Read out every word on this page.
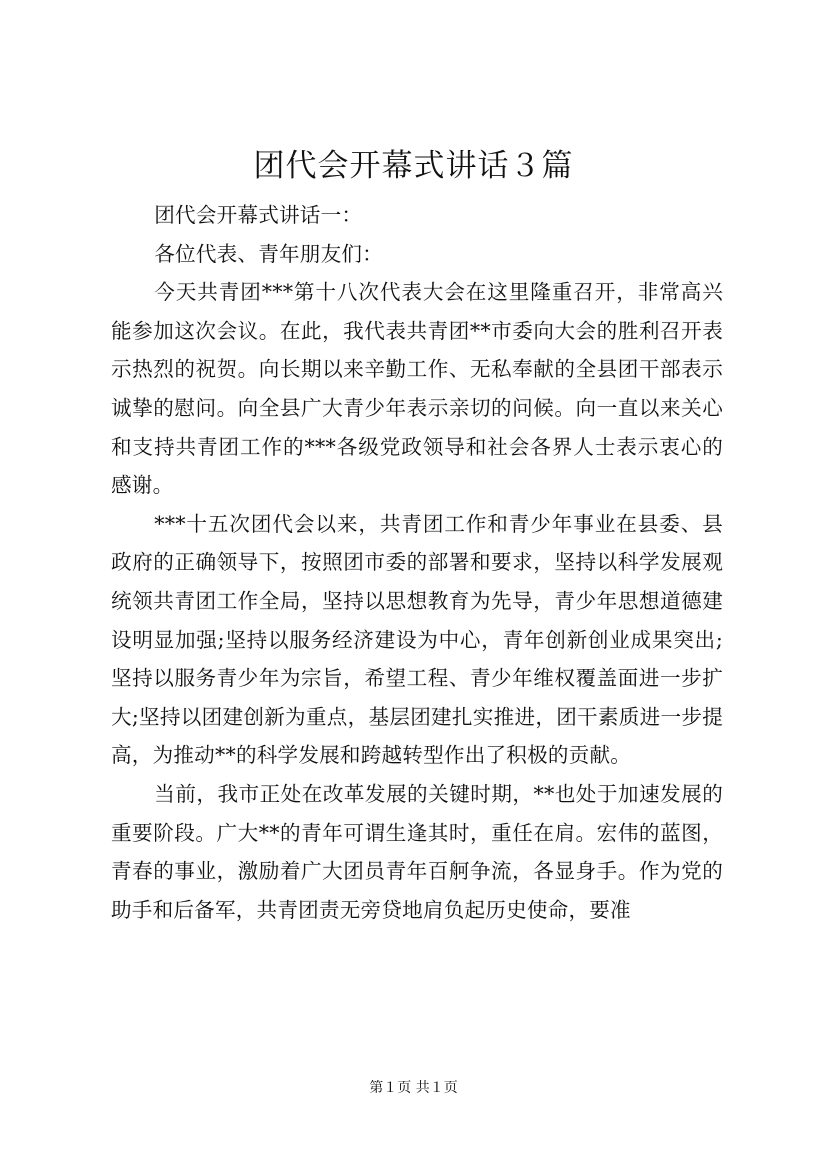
团代会开幕式讲话３篇

团代会开幕式讲话一：

各位代表、青年朋友们：

今天共青团***第十八次代表大会在这里隆重召开，非常高兴能参加这次会议。在此，我代表共青团**市委向大会的胜利召开表示热烈的祝贺。向长期以来辛勤工作、无私奉献的全县团干部表示诚挚的慰问。向全县广大青少年表示亲切的问候。向一直以来关心和支持共青团工作的***各级党政领导和社会各界人士表示衷心的感谢。

***十五次团代会以来，共青团工作和青少年事业在县委、县政府的正确领导下，按照团市委的部署和要求，坚持以科学发展观统领共青团工作全局，坚持以思想教育为先导，青少年思想道德建设明显加强;坚持以服务经济建设为中心，青年创新创业成果突出;坚持以服务青少年为宗旨，希望工程、青少年维权覆盖面进一步扩大;坚持以团建创新为重点，基层团建扎实推进，团干素质进一步提高，为推动**的科学发展和跨越转型作出了积极的贡献。

当前，我市正处在改革发展的关键时期，**也处于加速发展的重要阶段。广大**的青年可谓生逢其时，重任在肩。宏伟的蓝图，青春的事业，激励着广大团员青年百舸争流，各显身手。作为党的助手和后备军，共青团责无旁贷地肩负起历史使命，要准

第１页 共１页
